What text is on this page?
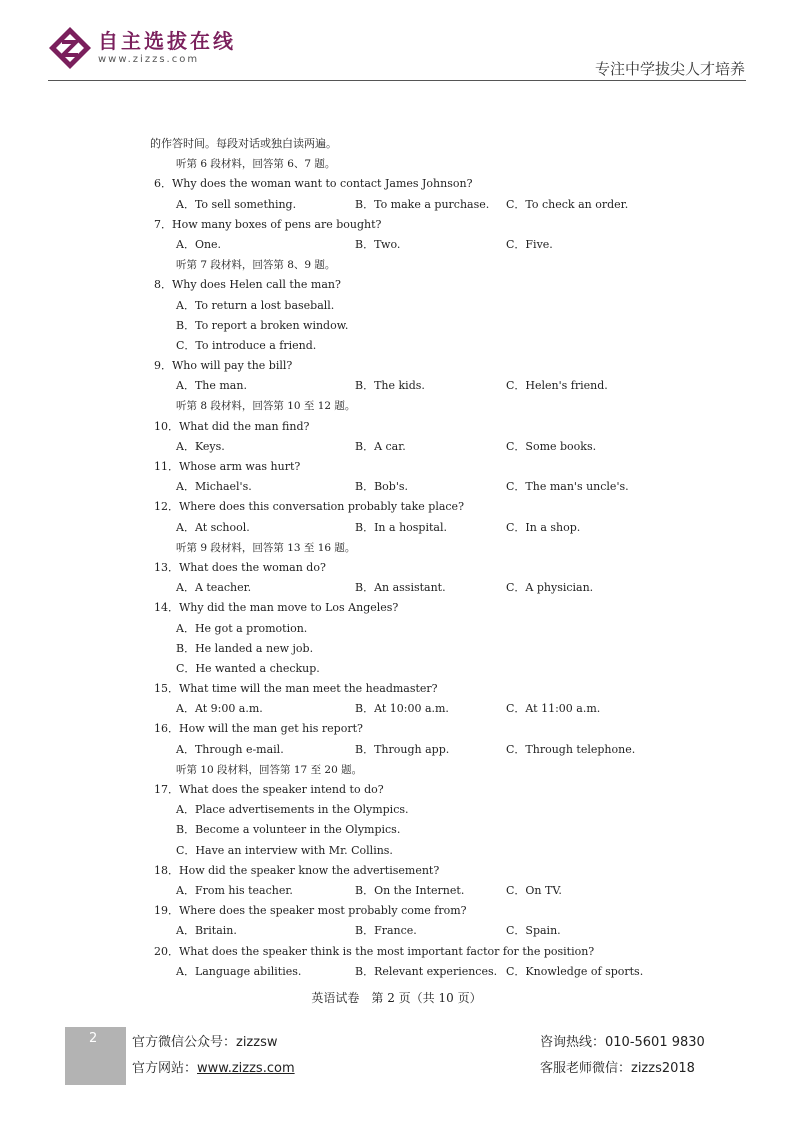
自主选拔在线
www.zizzs.com
专注中学拔尖人才培养
的作答时间。每段对话或独白读两遍。
听第 6 段材料，回答第 6、7 题。
6．Why does the woman want to contact James Johnson?
A．To sell something.	B．To make a purchase. C．To check an order.
7．How many boxes of pens are bought?
A．One.	B．Two.	C．Five.
听第 7 段材料，回答第 8、9 题。
8．Why does Helen call the man?
A．To return a lost baseball.
B．To report a broken window.
C．To introduce a friend.
9．Who will pay the bill?
A．The man.	B．The kids.	C．Helen's friend.
听第 8 段材料，回答第 10 至 12 题。
10．What did the man find?
A．Keys.	B．A car.	C．Some books.
11．Whose arm was hurt?
A．Michael's.	B．Bob's.	C．The man's uncle's.
12．Where does this conversation probably take place?
A．At school.	B．In a hospital.	C．In a shop.
听第 9 段材料，回答第 13 至 16 题。
13．What does the woman do?
A．A teacher.	B．An assistant.	C．A physician.
14．Why did the man move to Los Angeles?
A．He got a promotion.
B．He landed a new job.
C．He wanted a checkup.
15．What time will the man meet the headmaster?
A．At 9:00 a.m.	B．At 10:00 a.m.	C．At 11:00 a.m.
16．How will the man get his report?
A．Through e-mail.	B．Through app.	C．Through telephone.
听第 10 段材料，回答第 17 至 20 题。
17．What does the speaker intend to do?
A．Place advertisements in the Olympics.
B．Become a volunteer in the Olympics.
C．Have an interview with Mr. Collins.
18．How did the speaker know the advertisement?
A．From his teacher.	B．On the Internet.	C．On TV.
19．Where does the speaker most probably come from?
A．Britain.	B．France.	C．Spain.
20．What does the speaker think is the most important factor for the position?
A．Language abilities.	B．Relevant experiences. C．Knowledge of sports.
英语试卷　第 2 页（共 10 页）
2	官方微信公众号：zizzsw
官方网站：www.zizzs.com
咨询热线：010-5601 9830
客服老师微信：zizzs2018
